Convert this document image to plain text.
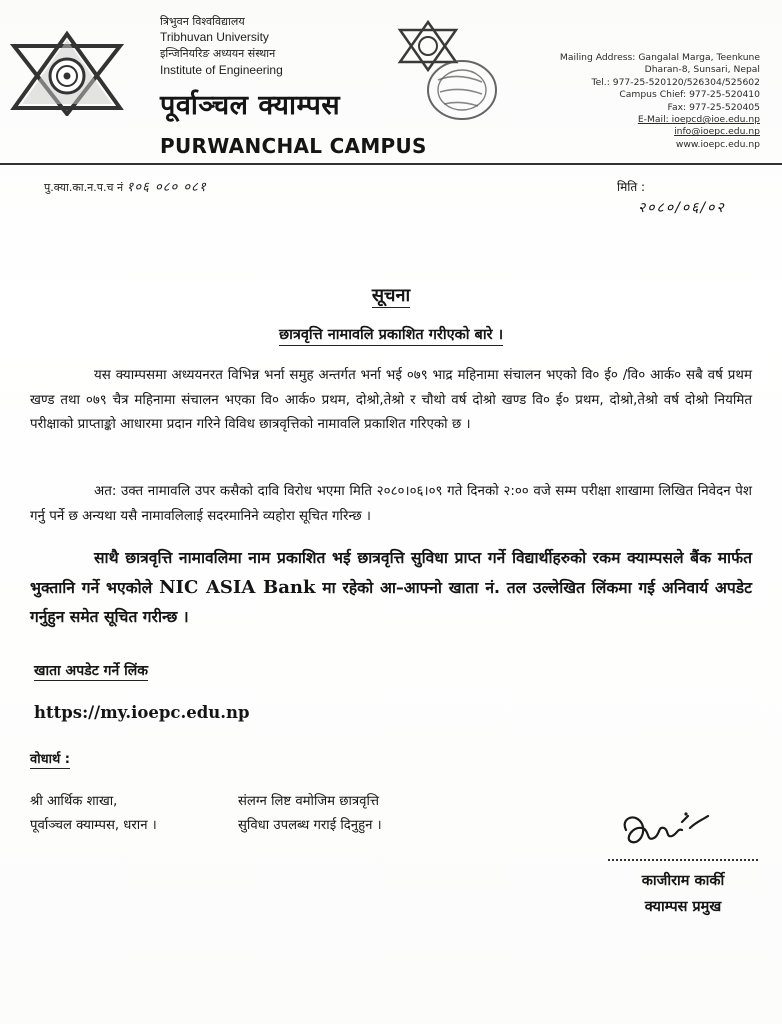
त्रिभुवन विश्वविद्यालय
Tribhuvan University
इन्जिनियरिङ अध्ययन संस्थान
Institute of Engineering
पूर्वाञ्चल क्याम्पस
PURWANCHAL CAMPUS
Mailing Address: Gangalal Marga, Teenkune
Dharan-8, Sunsari, Nepal
Tel.: 977-25-520120/526304/525602
Campus Chief: 977-25-520410
Fax: 977-25-520405
E-Mail: ioepcd@ioe.edu.np
info@ioepc.edu.np
www.ioepc.edu.np
पु.क्या.का.न.प.च नं १०६ ०८० ०८१	मिति :
२०८०/०६/०२
सूचना
छात्रवृत्ति नामावलि प्रकाशित गरीएको बारे ।
यस क्याम्पसमा अध्ययनरत विभिन्न भर्ना समुह अन्तर्गत भर्ना भई ०७९ भाद्र महिनामा संचालन भएको वि० ई० /वि० आर्क० सबै वर्ष प्रथम खण्ड तथा ०७९ चैत्र महिनामा संचालन भएका वि० आर्क० प्रथम, दोश्रो,तेश्रो र चौथो वर्ष दोश्रो खण्ड वि० ई० प्रथम, दोश्रो,तेश्रो वर्ष दोश्रो नियमित परीक्षाको प्राप्ताङ्को आधारमा प्रदान गरिने विविध छात्रवृत्तिको नामावलि प्रकाशित गरिएको छ ।
अत: उक्त नामावलि उपर कसैको दावि विरोध भएमा मिति २०८०।०६।०९ गते दिनको २:०० वजे सम्म परीक्षा शाखामा लिखित निवेदन पेश गर्नु पर्ने छ अन्यथा यसै नामावलिलाई सदरमानिने व्यहोरा सूचित गरिन्छ ।
साथै छात्रवृत्ति नामावलिमा नाम प्रकाशित भई छात्रवृत्ति सुविधा प्राप्त गर्ने विद्यार्थीहरुको रकम क्याम्पसले बैंक मार्फत भुक्तानि गर्ने भएकोले NIC ASIA Bank मा रहेको आ–आफ्नो खाता नं. तल उल्लेखित लिंकमा गई अनिवार्य अपडेट गर्नुहुन समेत सूचित गरीन्छ ।
खाता अपडेट गर्ने लिंक
https://my.ioepc.edu.np
वोधार्थ :
श्री आर्थिक शाखा,
पूर्वाञ्चल क्याम्पस, धरान ।
संलग्न लिष्ट वमोजिम छात्रवृत्ति
सुविधा उपलब्ध गराई दिनुहुन ।
काजीराम कार्की
क्याम्पस प्रमुख
